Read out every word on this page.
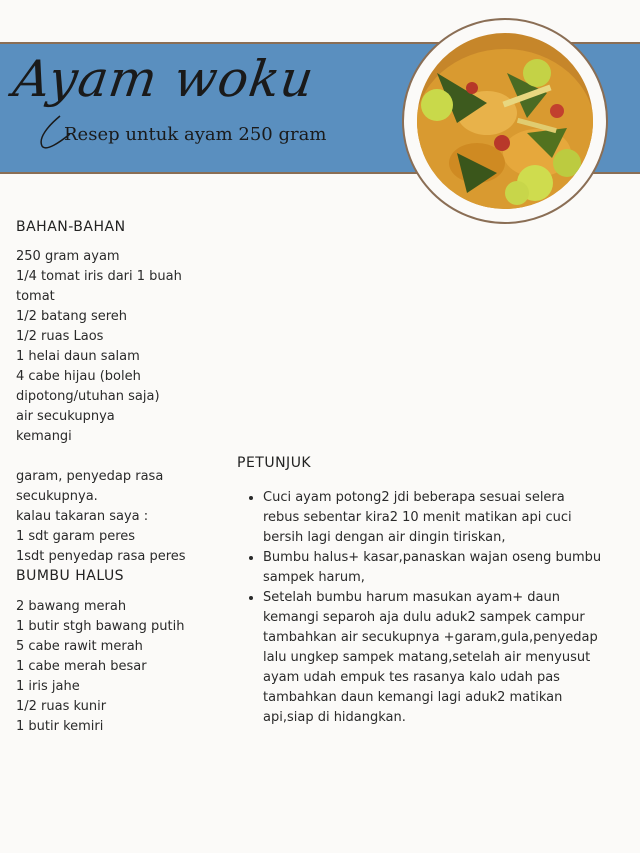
Ayam woku

Resep untuk ayam 250 gram

BAHAN-BAHAN
250 gram ayam
1/4 tomat iris dari 1 buah
tomat
1/2 batang sereh
1/2 ruas Laos
1 helai daun salam
4 cabe hijau (boleh
dipotong/utuhan saja)
air secukupnya
kemangi
garam, penyedap rasa
secukupnya.
kalau takaran saya :
1 sdt garam peres
1sdt penyedap rasa peres
BUMBU HALUS
2 bawang merah
1 butir stgh bawang putih
5 cabe rawit merah
1 cabe merah besar
1 iris jahe
1/2 ruas kunir
1 butir kemiri
PETUNJUK
• Cuci ayam potong2 jdi beberapa sesuai selera rebus sebentar kira2 10 menit matikan api cuci bersih lagi dengan air dingin tiriskan,
• Bumbu halus+ kasar,panaskan wajan oseng bumbu sampek harum,
• Setelah bumbu harum masukan ayam+ daun kemangi separoh aja dulu aduk2 sampek campur tambahkan air secukupnya +garam,gula,penyedap lalu ungkep sampek matang,setelah air menyusut ayam udah empuk tes rasanya kalo udah pas tambahkan daun kemangi lagi aduk2 matikan api,siap di hidangkan.
